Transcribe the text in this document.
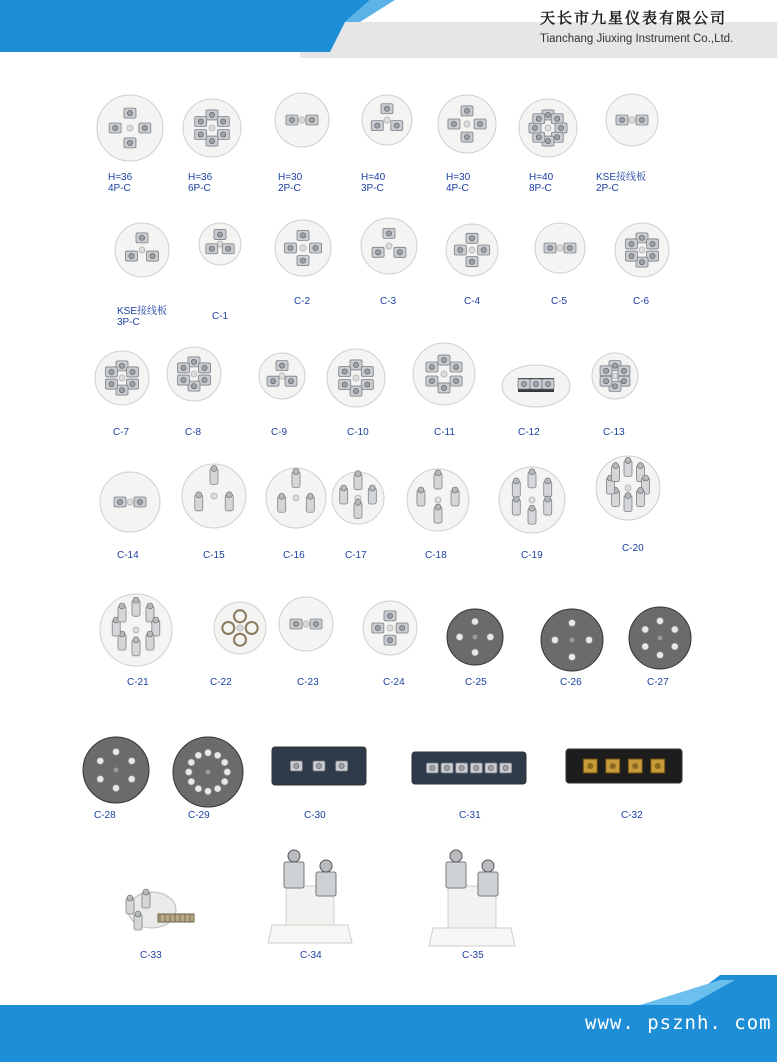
天长市九星仪表有限公司
Tianchang Jiuxing Instrument Co.,Ltd.
H=36
4P-C
H=36
6P-C
H=30
2P-C
H=40
3P-C
H=30
4P-C
H=40
8P-C
KSE接线板
2P-C
KSE接线板
3P-C
C-1
C-2	C-3	C-4	C-5	C-6
C-7	C-8	C-9	C-10	C-11	C-12	C-13
C-14	C-15	C-16	C-17	C-18	C-19
C-20
C-21	C-22	C-23	C-24	C-25	C-26	C-27
C-28	C-29	C-30	C-31	C-32
C-33	C-34	C-35
www. psznh. com
